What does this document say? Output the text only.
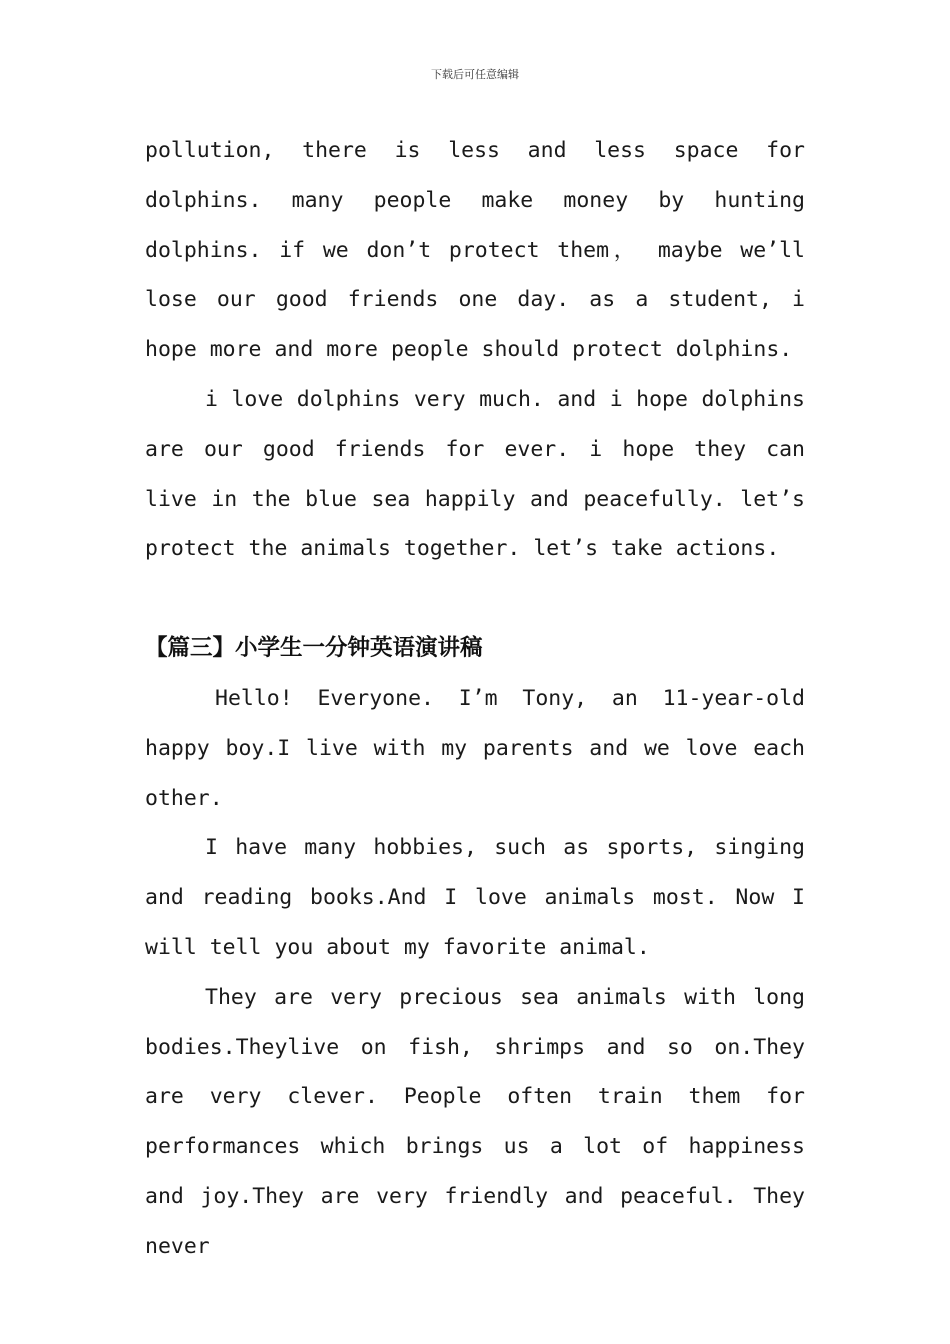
下载后可任意编辑

pollution, there is less and less space for dolphins. many people make money by hunting dolphins. if we don’t protect them， maybe we’ll lose our good friends one day. as a student, i hope more and more people should protect dolphins.

i love dolphins very much. and i hope dolphins are our good friends for ever. i hope they can live in the blue sea happily and peacefully. let’s protect the animals together. let’s take actions.

【篇三】小学生一分钟英语演讲稿

Hello! Everyone. I’m Tony, an 11-year-old happy boy.I live with my parents and we love each other.

I have many hobbies, such as sports, singing and reading books.And I love animals most. Now I will tell you about my favorite animal.

They are very precious sea animals with long bodies.Theylive on fish, shrimps and so on.They are very clever. People often train them for performances which brings us a lot of happiness and joy.They are very friendly and peaceful. They never
